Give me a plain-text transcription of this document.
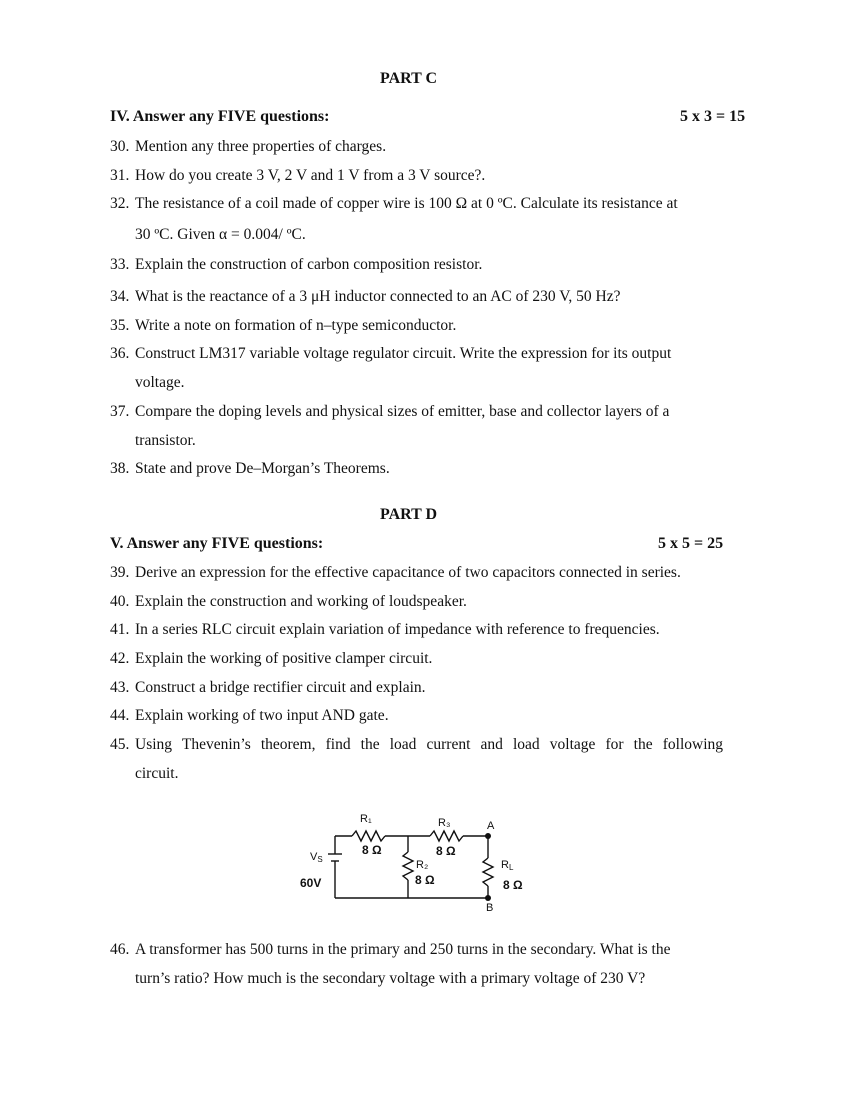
PART C
IV. Answer any FIVE questions:	5 x 3 = 15
30. Mention any three properties of charges.
31. How do you create 3 V, 2 V and 1 V from a 3 V source?.
32. The resistance of a coil made of copper wire is 100 Ω at 0 ºC. Calculate its resistance at
30 ºC. Given α = 0.004/ ºC.
33. Explain the construction of carbon composition resistor.
34. What is the reactance of a 3 μH inductor connected to an AC of 230 V, 50 Hz?
35. Write a note on formation of n–type semiconductor.
36. Construct LM317 variable voltage regulator circuit. Write the expression for its output
voltage.
37. Compare the doping levels and physical sizes of emitter, base and collector layers of a
transistor.
38. State and prove De–Morgan’s Theorems.
PART D
V. Answer any FIVE questions:	5 x 5 = 25
39. Derive an expression for the effective capacitance of two capacitors connected in series.
40. Explain the construction and working of loudspeaker.
41. In a series RLC circuit explain variation of impedance with reference to frequencies.
42. Explain the working of positive clamper circuit.
43. Construct a bridge rectifier circuit and explain.
44. Explain working of two input AND gate.
45. Using Thevenin’s theorem, find the load current and load voltage for the following
circuit.
R₁
8 Ω
R₃
8 Ω
R₂
8 Ω
RL
8 Ω
VS
60V
A
B
46. A transformer has 500 turns in the primary and 250 turns in the secondary. What is the
turn’s ratio? How much is the secondary voltage with a primary voltage of 230 V?
